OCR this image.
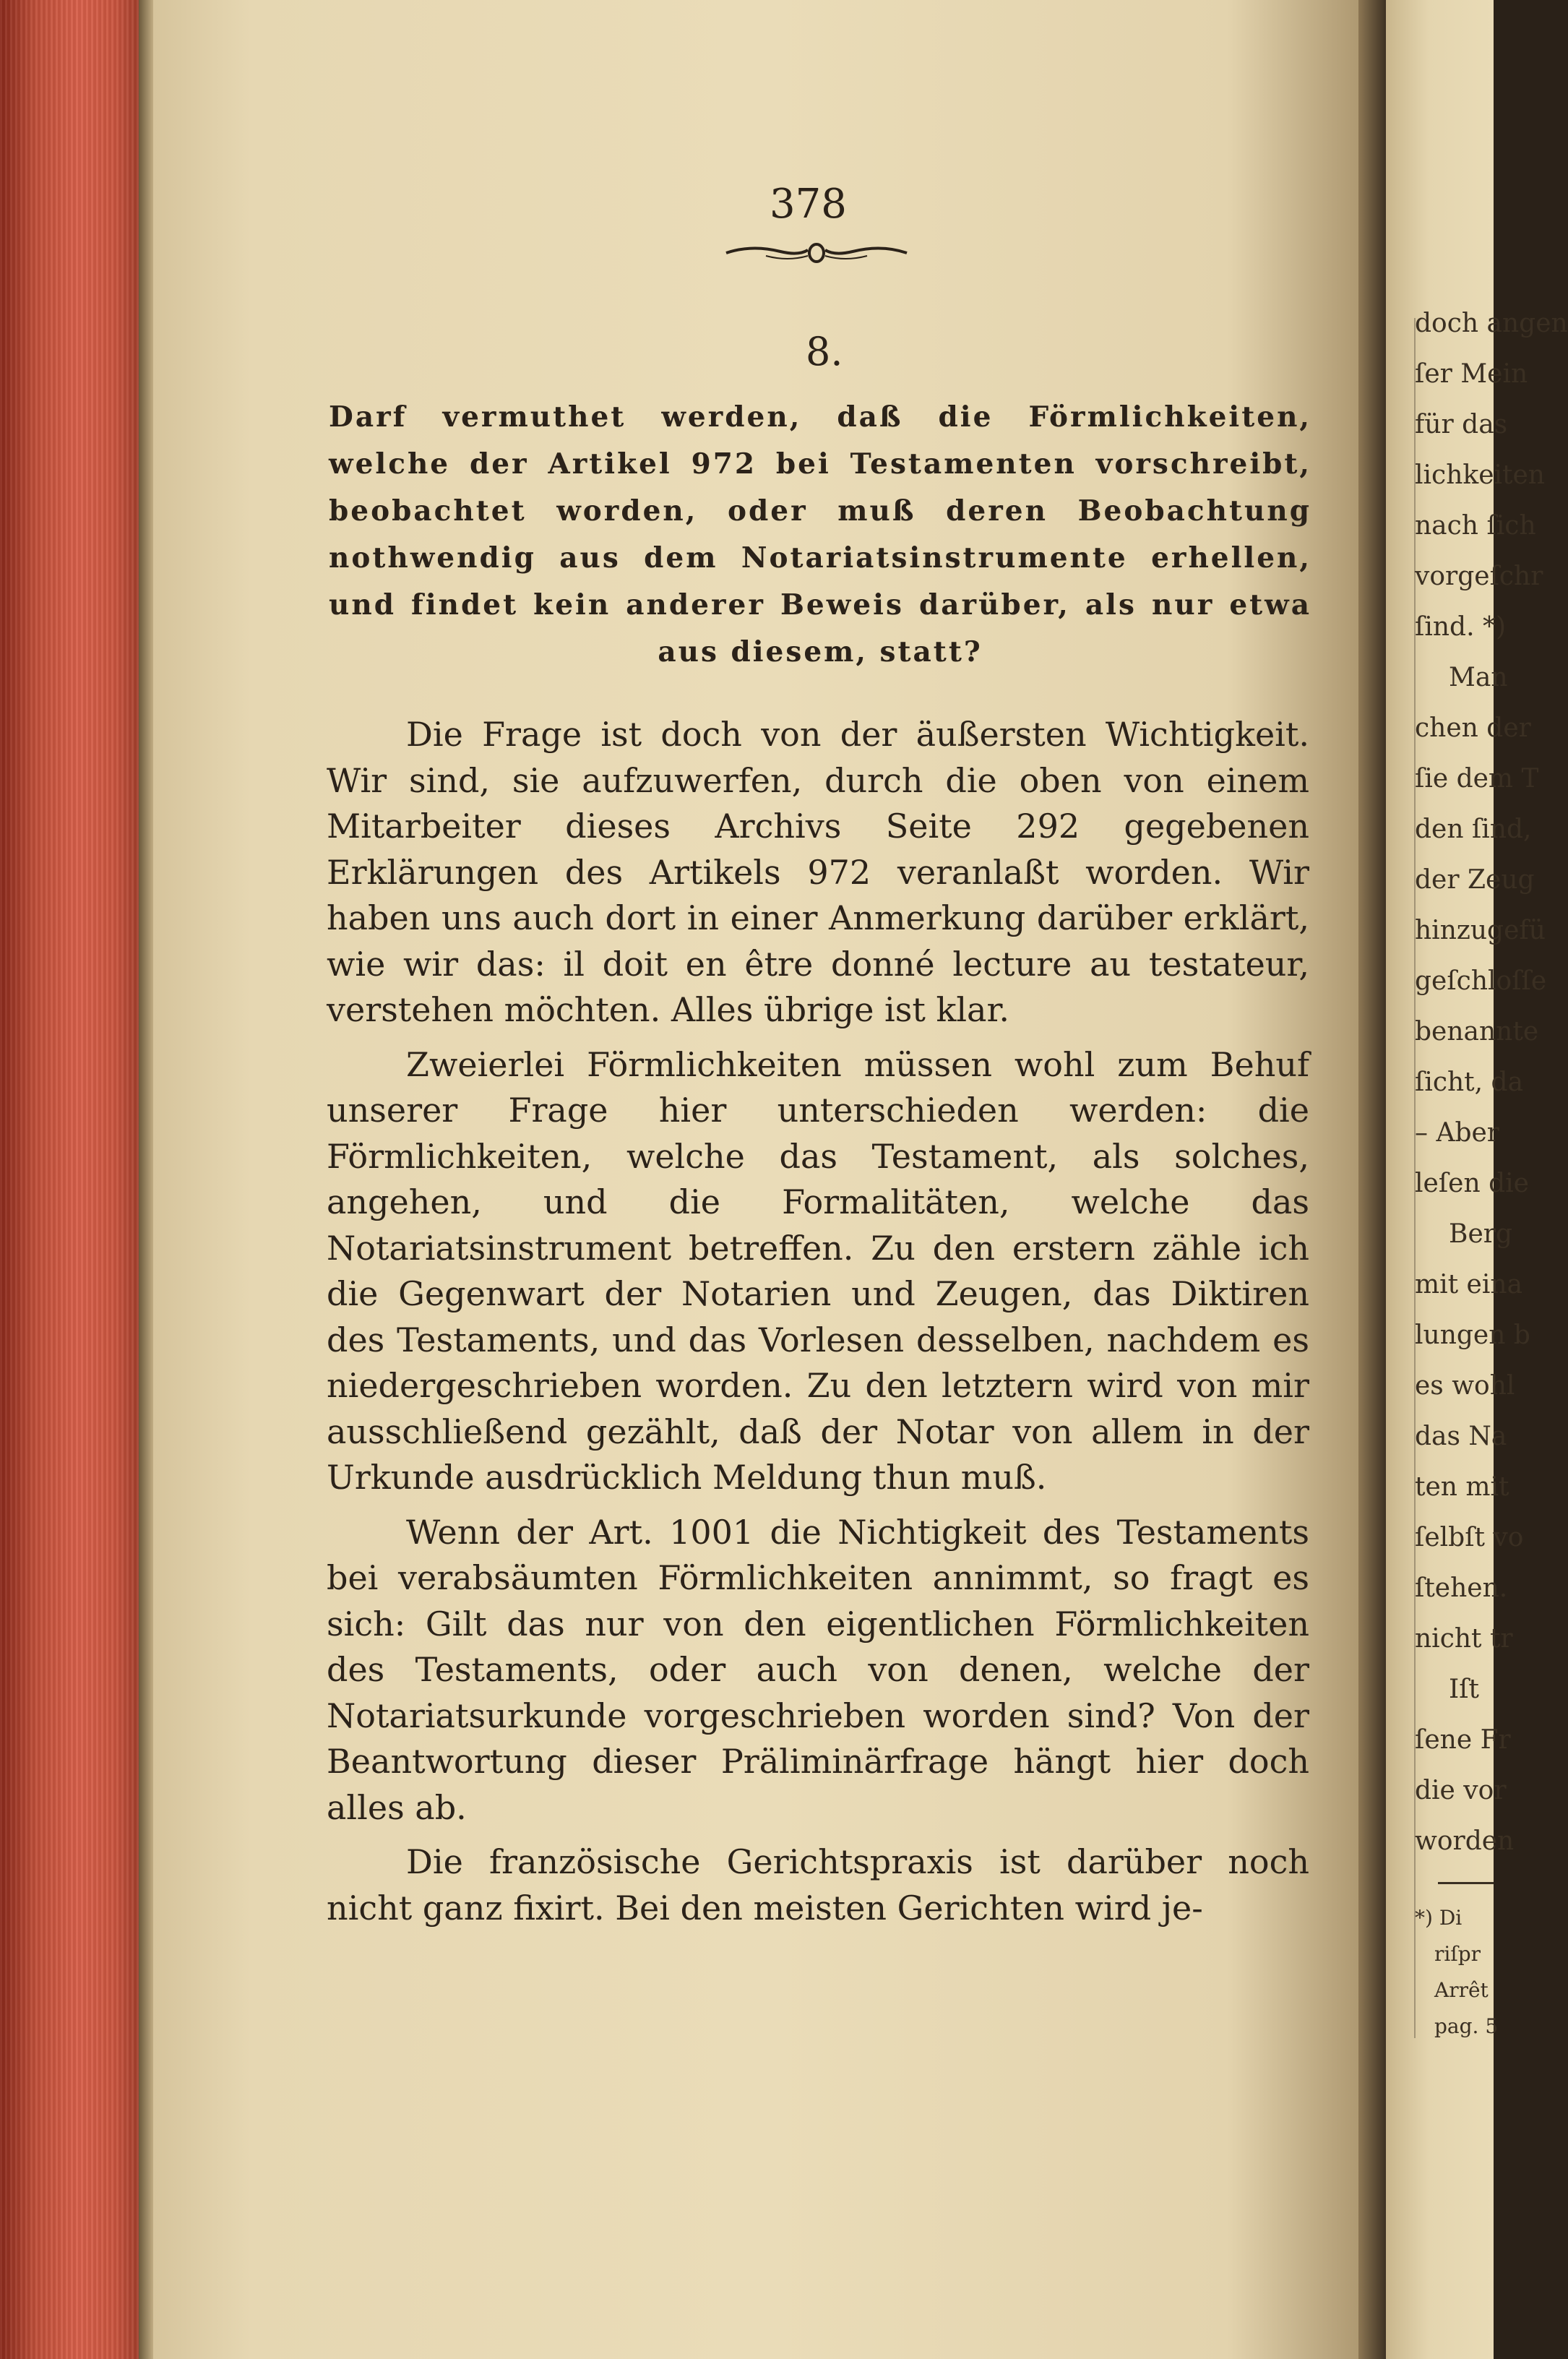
378
8.
Darf vermuthet werden, daß die Förmlichkeiten, welche der Artikel 972 bei Testamenten vorschreibt, beobachtet worden, oder muß deren Beobachtung nothwendig aus dem Notariatsinstrumente erhellen, und findet kein anderer Beweis darüber, als nur etwa aus diesem, statt?

Die Frage ist doch von der äußersten Wichtigkeit. Wir sind, sie aufzuwerfen, durch die oben von einem Mitarbeiter dieses Archivs Seite 292 gegebenen Erklärungen des Artikels 972 veranlaßt worden. Wir haben uns auch dort in einer Anmerkung darüber erklärt, wie wir das: il doit en être donné lecture au testateur, verstehen möchten. Alles übrige ist klar.

Zweierlei Förmlichkeiten müssen wohl zum Behuf unserer Frage hier unterschieden werden: die Förmlichkeiten, welche das Testament, als solches, angehen, und die Formalitäten, welche das Notariatsinstrument betreffen. Zu den erstern zähle ich die Gegenwart der Notarien und Zeugen, das Diktiren des Testaments, und das Vorlesen desselben, nachdem es niedergeschrieben worden. Zu den letztern wird von mir ausschließend gezählt, daß der Notar von allem in der Urkunde ausdrücklich Meldung thun muß.

Wenn der Art. 1001 die Nichtigkeit des Testaments bei verabsäumten Förmlichkeiten annimmt, so fragt es sich: Gilt das nur von den eigentlichen Förmlichkeiten des Testaments, oder auch von denen, welche der Notariatsurkunde vorgeschrieben worden sind? Von der Beantwortung dieser Präliminärfrage hängt hier doch alles ab.

Die französische Gerichtspraxis ist darüber noch nicht ganz fixirt. Bei den meisten Gerichten wird je-

doch angen
ſer Mein
für das
lichkeiten
nach ſich
vorgeſchr
ſind. *)
Man
chen der
ſie dem T
den ſind,
der Zeug
hinzugefü
geſchloſſe
benannte
ſicht, da
– Aber
leſen die
Berg
mit eina
lungen b
es wohl
das Na
ten mit
ſelbſt vo
ſtehen.
nicht tr
Iſt
ſene Fr
die vor
worden
*) Di
riſpr
Arrêt
pag. 5
